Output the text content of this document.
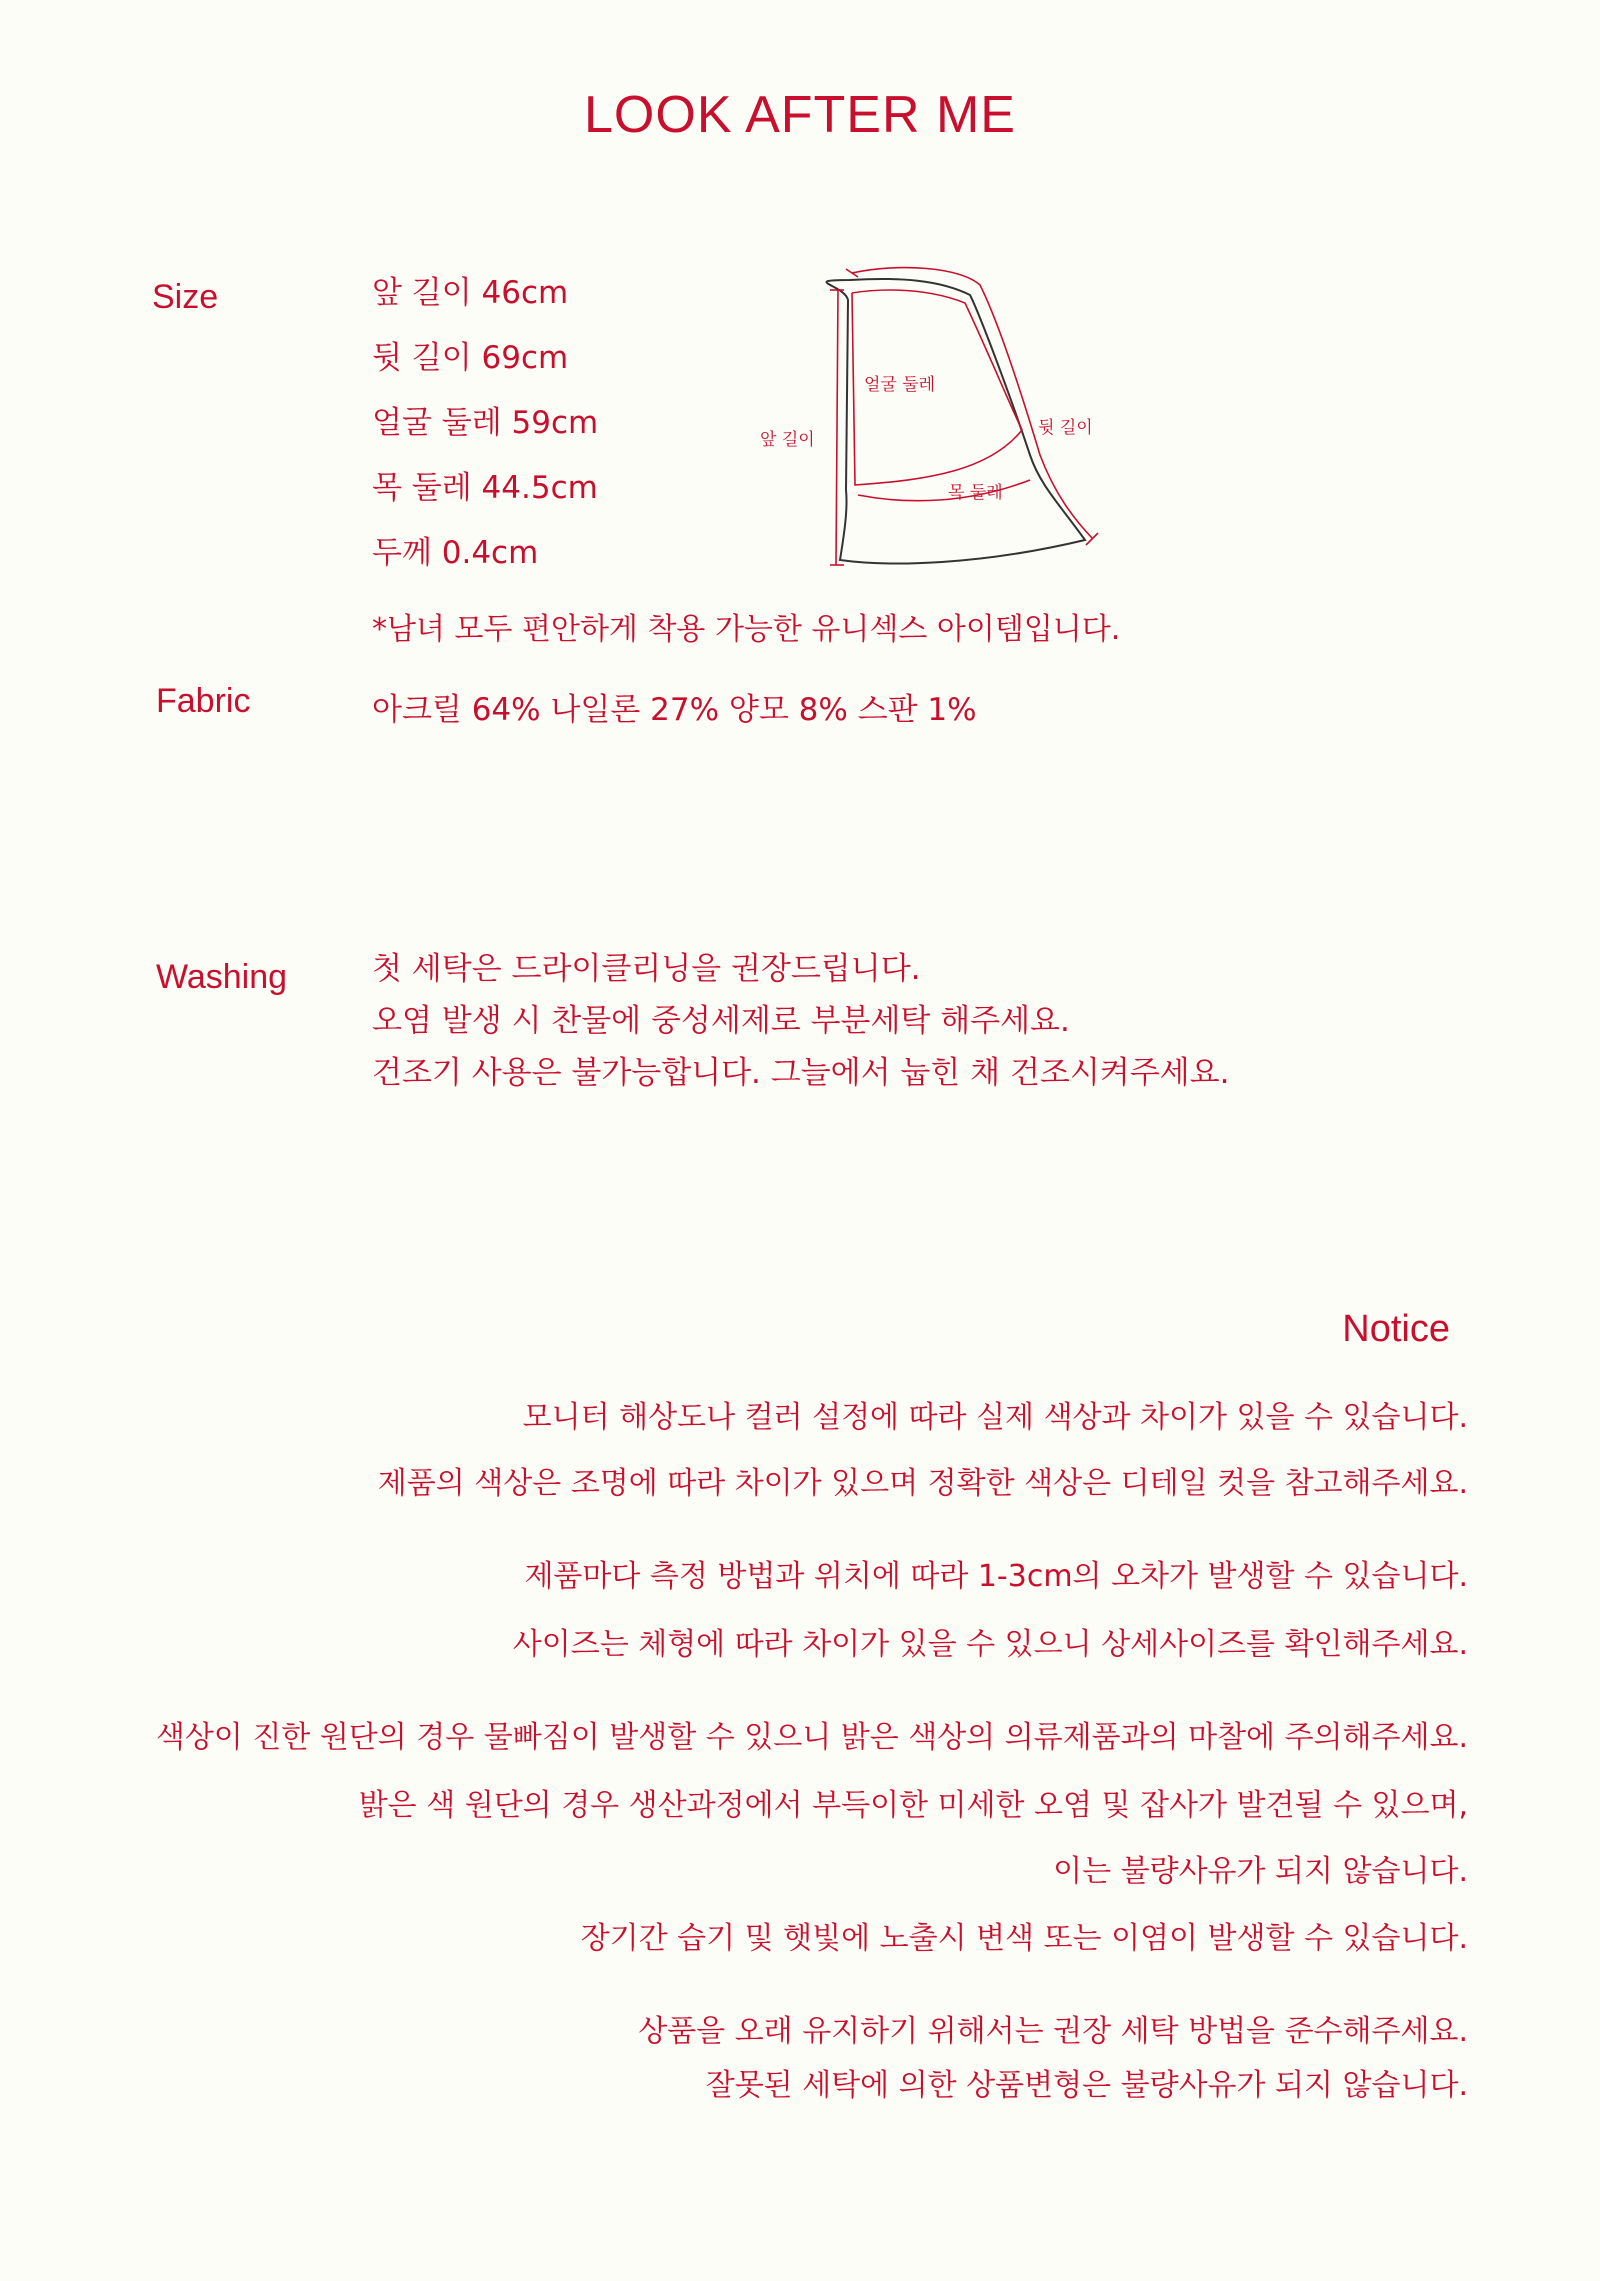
LOOK AFTER ME
Size	앞 길이 46cm
뒷 길이 69cm
얼굴 둘레 59cm
목 둘레 44.5cm
두께 0.4cm
*남녀 모두 편안하게 착용 가능한 유니섹스 아이템입니다.
얼굴 둘레
뒷 길이
앞 길이
목 둘레
Fabric	아크릴 64% 나일론 27% 양모 8% 스판 1%
Washing	첫 세탁은 드라이클리닝을 권장드립니다.
오염 발생 시 찬물에 중성세제로 부분세탁 해주세요.
건조기 사용은 불가능합니다. 그늘에서 눕힌 채 건조시켜주세요.
Notice
모니터 해상도나 컬러 설정에 따라 실제 색상과 차이가 있을 수 있습니다.
제품의 색상은 조명에 따라 차이가 있으며 정확한 색상은 디테일 컷을 참고해주세요.
제품마다 측정 방법과 위치에 따라 1-3cm의 오차가 발생할 수 있습니다.
사이즈는 체형에 따라 차이가 있을 수 있으니 상세사이즈를 확인해주세요.
색상이 진한 원단의 경우 물빠짐이 발생할 수 있으니 밝은 색상의 의류제품과의 마찰에 주의해주세요.
밝은 색 원단의 경우 생산과정에서 부득이한 미세한 오염 및 잡사가 발견될 수 있으며,
이는 불량사유가 되지 않습니다.
장기간 습기 및 햇빛에 노출시 변색 또는 이염이 발생할 수 있습니다.
상품을 오래 유지하기 위해서는 권장 세탁 방법을 준수해주세요.
잘못된 세탁에 의한 상품변형은 불량사유가 되지 않습니다.
